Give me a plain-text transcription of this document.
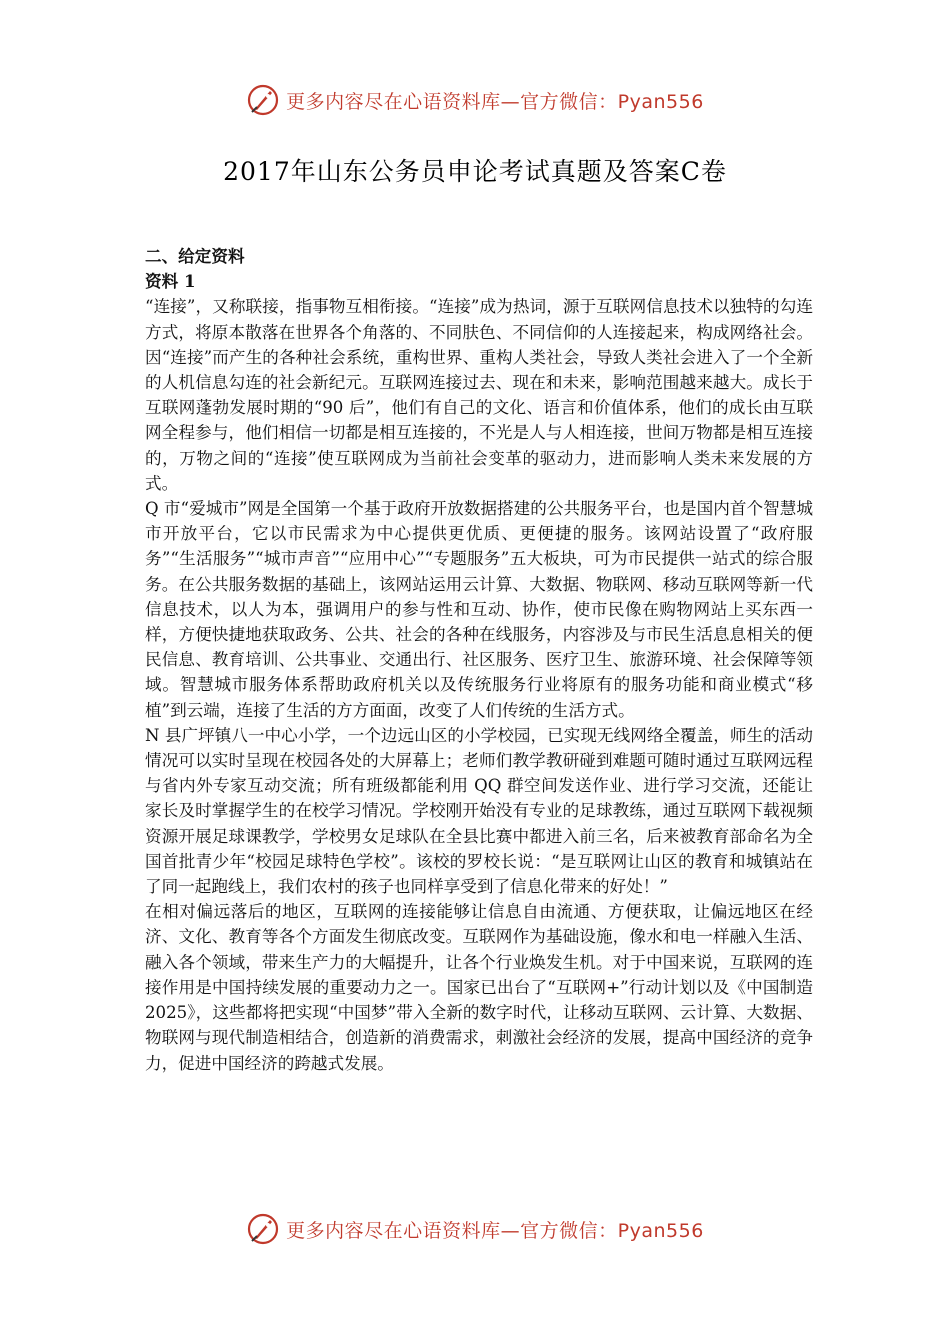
更多内容尽在心语资料库—官方微信：Pyan556
2017年山东公务员申论考试真题及答案C卷

二、给定资料

资料 1

“连接”，又称联接，指事物互相衔接。“连接”成为热词，源于互联网信息技术以独特的勾连方式，将原本散落在世界各个角落的、不同肤色、不同信仰的人连接起来，构成网络社会。因“连接”而产生的各种社会系统，重构世界、重构人类社会，导致人类社会进入了一个全新的人机信息勾连的社会新纪元。互联网连接过去、现在和未来，影响范围越来越大。成长于互联网蓬勃发展时期的“90 后”，他们有自己的文化、语言和价值体系，他们的成长由互联网全程参与，他们相信一切都是相互连接的，不光是人与人相连接，世间万物都是相互连接的，万物之间的“连接”使互联网成为当前社会变革的驱动力，进而影响人类未来发展的方式。

Q 市“爱城市”网是全国第一个基于政府开放数据搭建的公共服务平台，也是国内首个智慧城市开放平台，它以市民需求为中心提供更优质、更便捷的服务。该网站设置了“政府服务”“生活服务”“城市声音”“应用中心”“专题服务”五大板块，可为市民提供一站式的综合服务。在公共服务数据的基础上，该网站运用云计算、大数据、物联网、移动互联网等新一代信息技术，以人为本，强调用户的参与性和互动、协作，使市民像在购物网站上买东西一样，方便快捷地获取政务、公共、社会的各种在线服务，内容涉及与市民生活息息相关的便民信息、教育培训、公共事业、交通出行、社区服务、医疗卫生、旅游环境、社会保障等领域。智慧城市服务体系帮助政府机关以及传统服务行业将原有的服务功能和商业模式“移植”到云端，连接了生活的方方面面，改变了人们传统的生活方式。

N 县广坪镇八一中心小学，一个边远山区的小学校园，已实现无线网络全覆盖，师生的活动情况可以实时呈现在校园各处的大屏幕上；老师们教学教研碰到难题可随时通过互联网远程与省内外专家互动交流；所有班级都能利用 QQ 群空间发送作业、进行学习交流，还能让家长及时掌握学生的在校学习情况。学校刚开始没有专业的足球教练，通过互联网下载视频资源开展足球课教学，学校男女足球队在全县比赛中都进入前三名，后来被教育部命名为全国首批青少年“校园足球特色学校”。该校的罗校长说：“是互联网让山区的教育和城镇站在了同一起跑线上，我们农村的孩子也同样享受到了信息化带来的好处！”

在相对偏远落后的地区，互联网的连接能够让信息自由流通、方便获取，让偏远地区在经济、文化、教育等各个方面发生彻底改变。互联网作为基础设施，像水和电一样融入生活、融入各个领域，带来生产力的大幅提升，让各个行业焕发生机。对于中国来说，互联网的连接作用是中国持续发展的重要动力之一。国家已出台了“互联网+”行动计划以及《中国制造 2025》，这些都将把实现“中国梦”带入全新的数字时代，让移动互联网、云计算、大数据、物联网与现代制造相结合，创造新的消费需求，刺激社会经济的发展，提高中国经济的竞争力，促进中国经济的跨越式发展。

更多内容尽在心语资料库—官方微信：Pyan556
